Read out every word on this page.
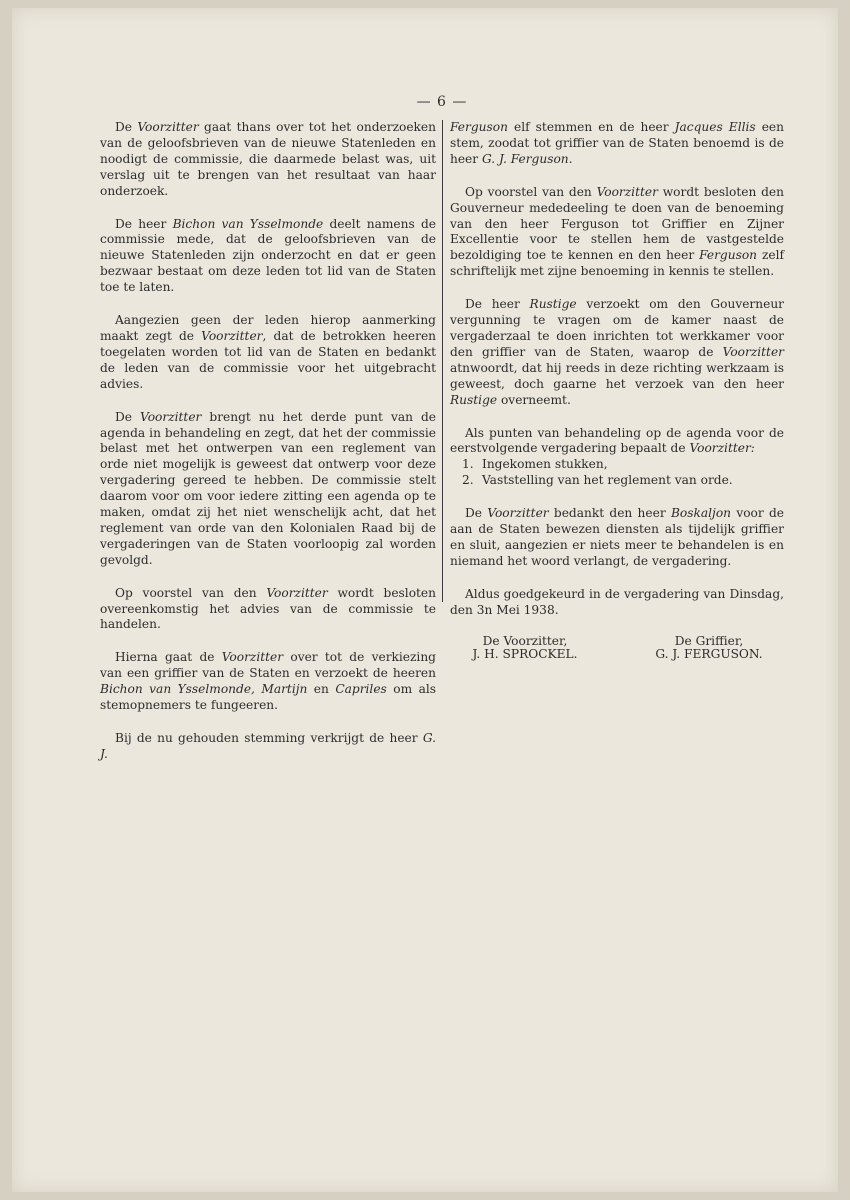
— 6 —

De Voorzitter gaat thans over tot het onderzoeken van de geloofsbrieven van de nieuwe Statenleden en noodigt de commissie, die daarmede belast was, uit verslag uit te brengen van het resultaat van haar onderzoek.

De heer Bichon van Ysselmonde deelt namens de commissie mede, dat de geloofsbrieven van de nieuwe Statenleden zijn onderzocht en dat er geen bezwaar bestaat om deze leden tot lid van de Staten toe te laten.

Aangezien geen der leden hierop aanmerking maakt zegt de Voorzitter, dat de betrokken heeren toegelaten worden tot lid van de Staten en bedankt de leden van de commissie voor het uitgebracht advies.

De Voorzitter brengt nu het derde punt van de agenda in behandeling en zegt, dat het der commissie belast met het ontwerpen van een reglement van orde niet mogelijk is geweest dat ontwerp voor deze vergadering gereed te hebben. De commissie stelt daarom voor om voor iedere zitting een agenda op te maken, omdat zij het niet wenschelijk acht, dat het reglement van orde van den Kolonialen Raad bij de vergaderingen van de Staten voorloopig zal worden gevolgd.

Op voorstel van den Voorzitter wordt besloten overeenkomstig het advies van de commissie te handelen.

Hierna gaat de Voorzitter over tot de verkiezing van een griffier van de Staten en verzoekt de heeren Bichon van Ysselmonde, Martijn en Capriles om als stemopnemers te fungeeren.

Bij de nu gehouden stemming verkrijgt de heer G. J.

Ferguson elf stemmen en de heer Jacques Ellis een stem, zoodat tot griffier van de Staten benoemd is de heer G. J. Ferguson.

Op voorstel van den Voorzitter wordt besloten den Gouverneur mededeeling te doen van de benoeming van den heer Ferguson tot Griffier en Zijner Excellentie voor te stellen hem de vastgestelde bezoldiging toe te kennen en den heer Ferguson zelf schriftelijk met zijne benoeming in kennis te stellen.

De heer Rustige verzoekt om den Gouverneur vergunning te vragen om de kamer naast de vergaderzaal te doen inrichten tot werkkamer voor den griffier van de Staten, waarop de Voorzitter atnwoordt, dat hij reeds in deze richting werkzaam is geweest, doch gaarne het verzoek van den heer Rustige overneemt.

Als punten van behandeling op de agenda voor de eerstvolgende vergadering bepaalt de Voorzitter:

1. Ingekomen stukken,
2. Vaststelling van het reglement van orde.

De Voorzitter bedankt den heer Boskaljon voor de aan de Staten bewezen diensten als tijdelijk griffier en sluit, aangezien er niets meer te behandelen is en niemand het woord verlangt, de vergadering.

Aldus goedgekeurd in de vergadering van Dinsdag, den 3n Mei 1938.

De Voorzitter,	De Griffier,
J. H. SPROCKEL.	G. J. FERGUSON.
